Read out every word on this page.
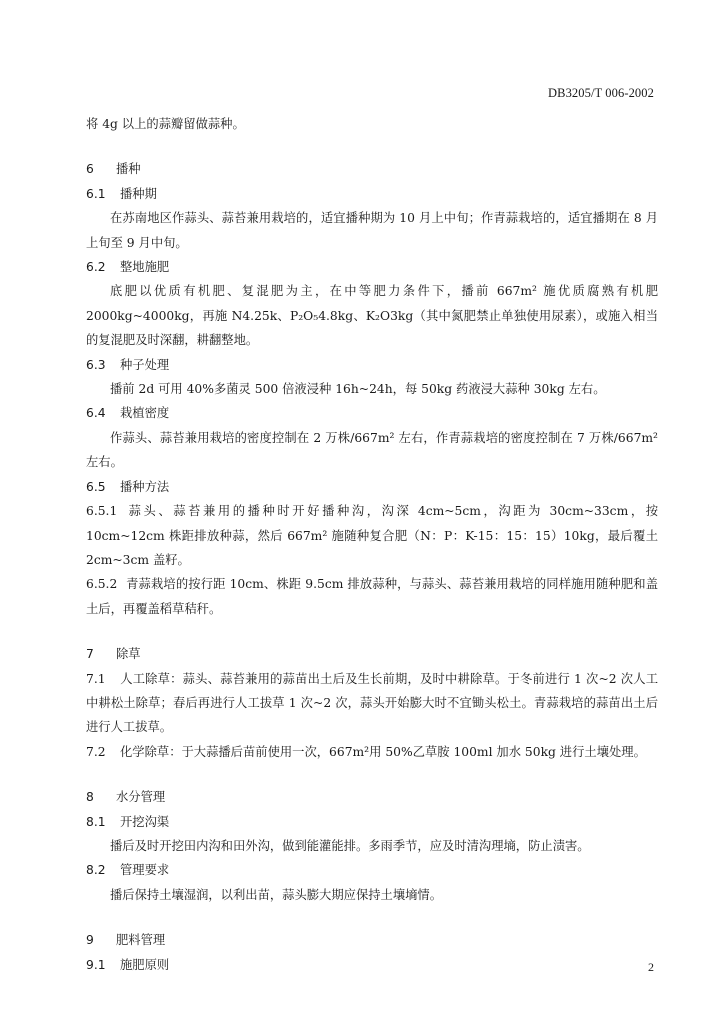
DB3205/T 006-2002

将 4g 以上的蒜瓣留做蒜种。

6 播种

6.1 播种期

在苏南地区作蒜头、蒜苔兼用栽培的，适宜播种期为 10 月上中旬；作青蒜栽培的，适宜播期在 8 月上旬至 9 月中旬。

6.2 整地施肥

底肥以优质有机肥、复混肥为主，在中等肥力条件下，播前 667m² 施优质腐熟有机肥 2000kg~4000kg，再施 N4.25k、P₂O₅4.8kg、K₂O3kg（其中氮肥禁止单独使用尿素），或施入相当的复混肥及时深翻，耕翻整地。

6.3 种子处理

播前 2d 可用 40%多菌灵 500 倍液浸种 16h~24h，每 50kg 药液浸大蒜种 30kg 左右。

6.4 栽植密度

作蒜头、蒜苔兼用栽培的密度控制在 2 万株/667m² 左右，作青蒜栽培的密度控制在 7 万株/667m² 左右。

6.5 播种方法

6.5.1 蒜头、蒜苔兼用的播种时开好播种沟，沟深 4cm~5cm，沟距为 30cm~33cm，按 10cm~12cm 株距排放种蒜，然后 667m² 施随种复合肥（N：P：K-15：15：15）10kg，最后覆土 2cm~3cm 盖籽。

6.5.2 青蒜栽培的按行距 10cm、株距 9.5cm 排放蒜种，与蒜头、蒜苔兼用栽培的同样施用随种肥和盖土后，再覆盖稻草秸秆。

7 除草

7.1 人工除草：蒜头、蒜苔兼用的蒜苗出土后及生长前期，及时中耕除草。于冬前进行 1 次~2 次人工中耕松土除草；春后再进行人工拔草 1 次~2 次，蒜头开始膨大时不宜锄头松土。青蒜栽培的蒜苗出土后进行人工拔草。

7.2 化学除草：于大蒜播后苗前使用一次，667m²用 50%乙草胺 100ml 加水 50kg 进行土壤处理。

8 水分管理

8.1 开挖沟渠

播后及时开挖田内沟和田外沟，做到能灌能排。多雨季节，应及时清沟理墒，防止渍害。

8.2 管理要求

播后保持土壤湿润，以利出苗，蒜头膨大期应保持土壤墒情。

9 肥料管理

9.1 施肥原则	2
